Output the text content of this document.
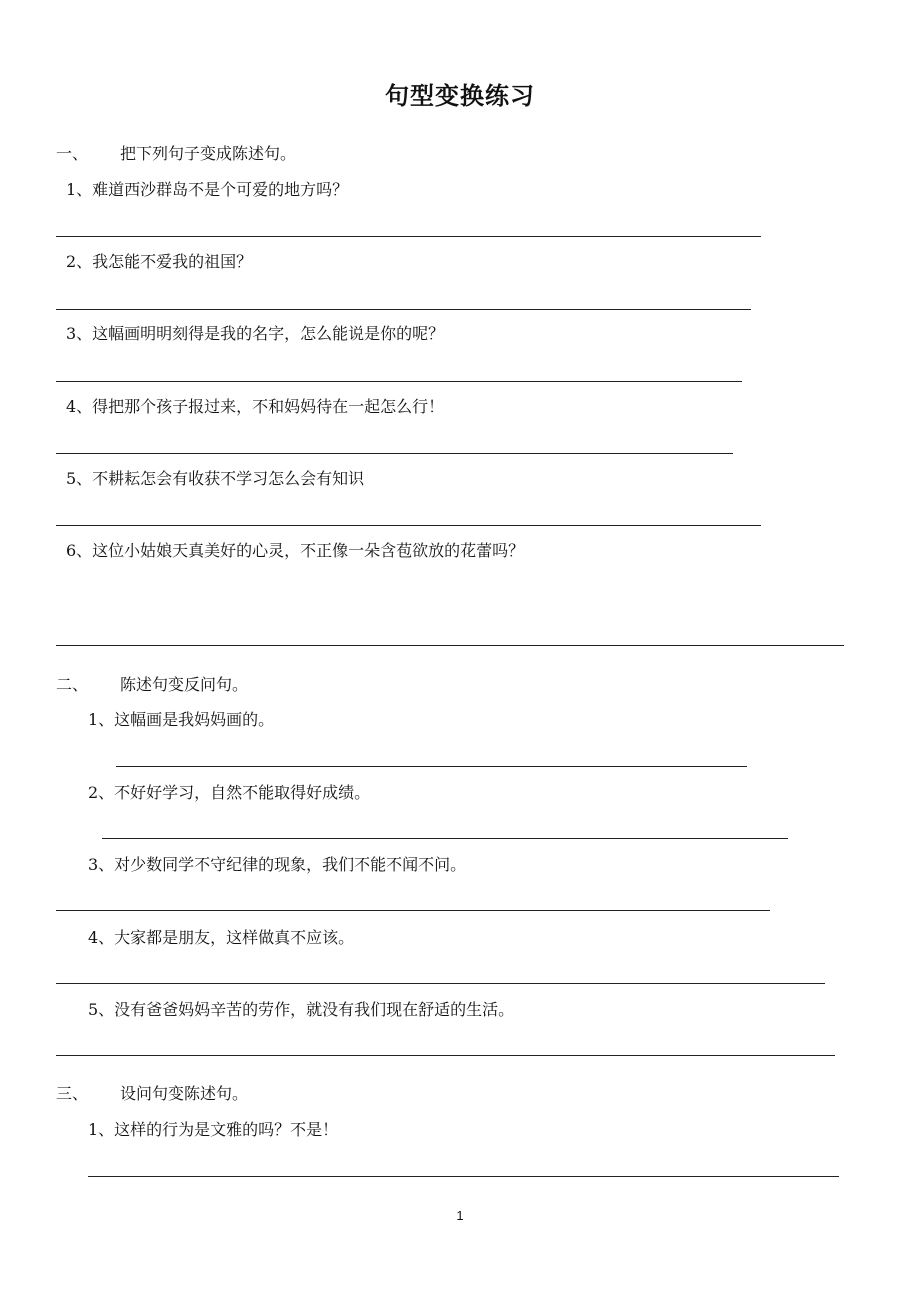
句型变换练习
一、 把下列句子变成陈述句。
1、难道西沙群岛不是个可爱的地方吗？
2、我怎能不爱我的祖国？
3、这幅画明明刻得是我的名字，怎么能说是你的呢？
4、得把那个孩子报过来，不和妈妈待在一起怎么行！
5、不耕耘怎会有收获不学习怎么会有知识
6、这位小姑娘天真美好的心灵，不正像一朵含苞欲放的花蕾吗？
二、 陈述句变反问句。
1、这幅画是我妈妈画的。
2、不好好学习，自然不能取得好成绩。
3、对少数同学不守纪律的现象，我们不能不闻不问。
4、大家都是朋友，这样做真不应该。
5、没有爸爸妈妈辛苦的劳作，就没有我们现在舒适的生活。
三、 设问句变陈述句。
1、这样的行为是文雅的吗？不是！
1
